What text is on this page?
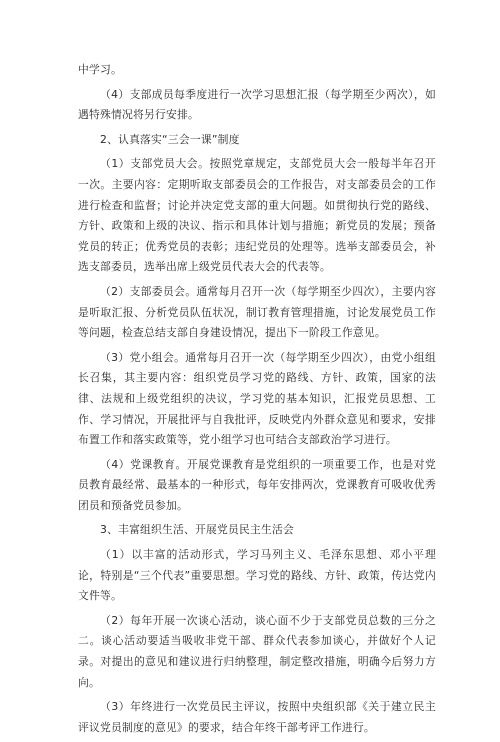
中学习。

（4）支部成员每季度进行一次学习思想汇报（每学期至少两次），如遇特殊情况将另行安排。

2、认真落实“三会一课”制度

（1）支部党员大会。按照党章规定，支部党员大会一般每半年召开一次。主要内容：定期听取支部委员会的工作报告，对支部委员会的工作进行检查和监督；讨论并决定党支部的重大问题。如贯彻执行党的路线、方针、政策和上级的决议、指示和具体计划与措施；新党员的发展；预备党员的转正；优秀党员的表彰；违纪党员的处理等。选举支部委员会，补选支部委员，选举出席上级党员代表大会的代表等。

（2）支部委员会。通常每月召开一次（每学期至少四次），主要内容是听取汇报、分析党员队伍状况，制订教育管理措施，讨论发展党员工作等问题，检查总结支部自身建设情况，提出下一阶段工作意见。

（3）党小组会。通常每月召开一次（每学期至少四次），由党小组组长召集，其主要内容：组织党员学习党的路线、方针、政策，国家的法律、法规和上级党组织的决议，学习党的基本知识，汇报党员思想、工作、学习情况，开展批评与自我批评，反映党内外群众意见和要求，安排布置工作和落实政策等，党小组学习也可结合支部政治学习进行。

（4）党课教育。开展党课教育是党组织的一项重要工作，也是对党员教育最经常、最基本的一种形式，每年安排两次，党课教育可吸收优秀团员和预备党员参加。

3、丰富组织生活、开展党员民主生活会

（1）以丰富的活动形式，学习马列主义、毛泽东思想、邓小平理论，特别是“三个代表”重要思想。学习党的路线、方针、政策，传达党内文件等。

（2）每年开展一次谈心活动，谈心面不少于支部党员总数的三分之二。谈心活动要适当吸收非党干部、群众代表参加谈心，并做好个人记录。对提出的意见和建议进行归纳整理，制定整改措施，明确今后努力方向。

（3）年终进行一次党员民主评议，按照中央组织部《关于建立民主评议党员制度的意见》的要求，结合年终干部考评工作进行。
